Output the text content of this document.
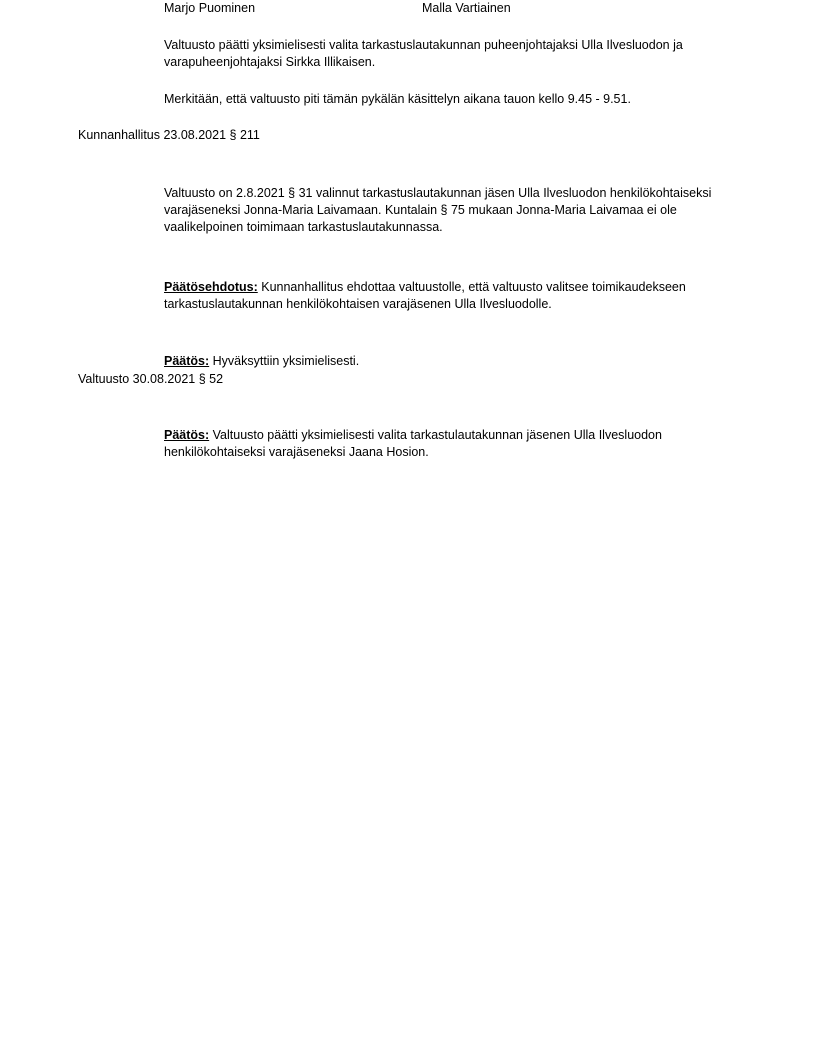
Marjo Puominen	Malla Vartiainen
Valtuusto päätti yksimielisesti valita tarkastuslautakunnan puheenjohtajaksi Ulla Ilvesluodon ja varapuheenjohtajaksi Sirkka Illikaisen.
Merkitään, että valtuusto piti tämän pykälän käsittelyn aikana tauon kello 9.45 - 9.51.
Kunnanhallitus 23.08.2021 § 211
Valtuusto on 2.8.2021 § 31 valinnut tarkastuslautakunnan jäsen Ulla Ilvesluodon henkilökohtaiseksi varajäseneksi Jonna-Maria Laivamaan. Kuntalain § 75 mukaan Jonna-Maria Laivamaa ei ole vaalikelpoinen toimimaan tarkastuslautakunnassa.
Päätösehdotus: Kunnanhallitus ehdottaa valtuustolle, että valtuusto valitsee toimikaudekseen tarkastuslautakunnan henkilökohtaisen varajäsenen Ulla Ilvesluodolle.
Päätös: Hyväksyttiin yksimielisesti.
Valtuusto 30.08.2021 § 52
Päätös: Valtuusto päätti yksimielisesti valita tarkastulautakunnan jäsenen Ulla Ilvesluodon henkilökohtaiseksi varajäseneksi Jaana Hosion.
